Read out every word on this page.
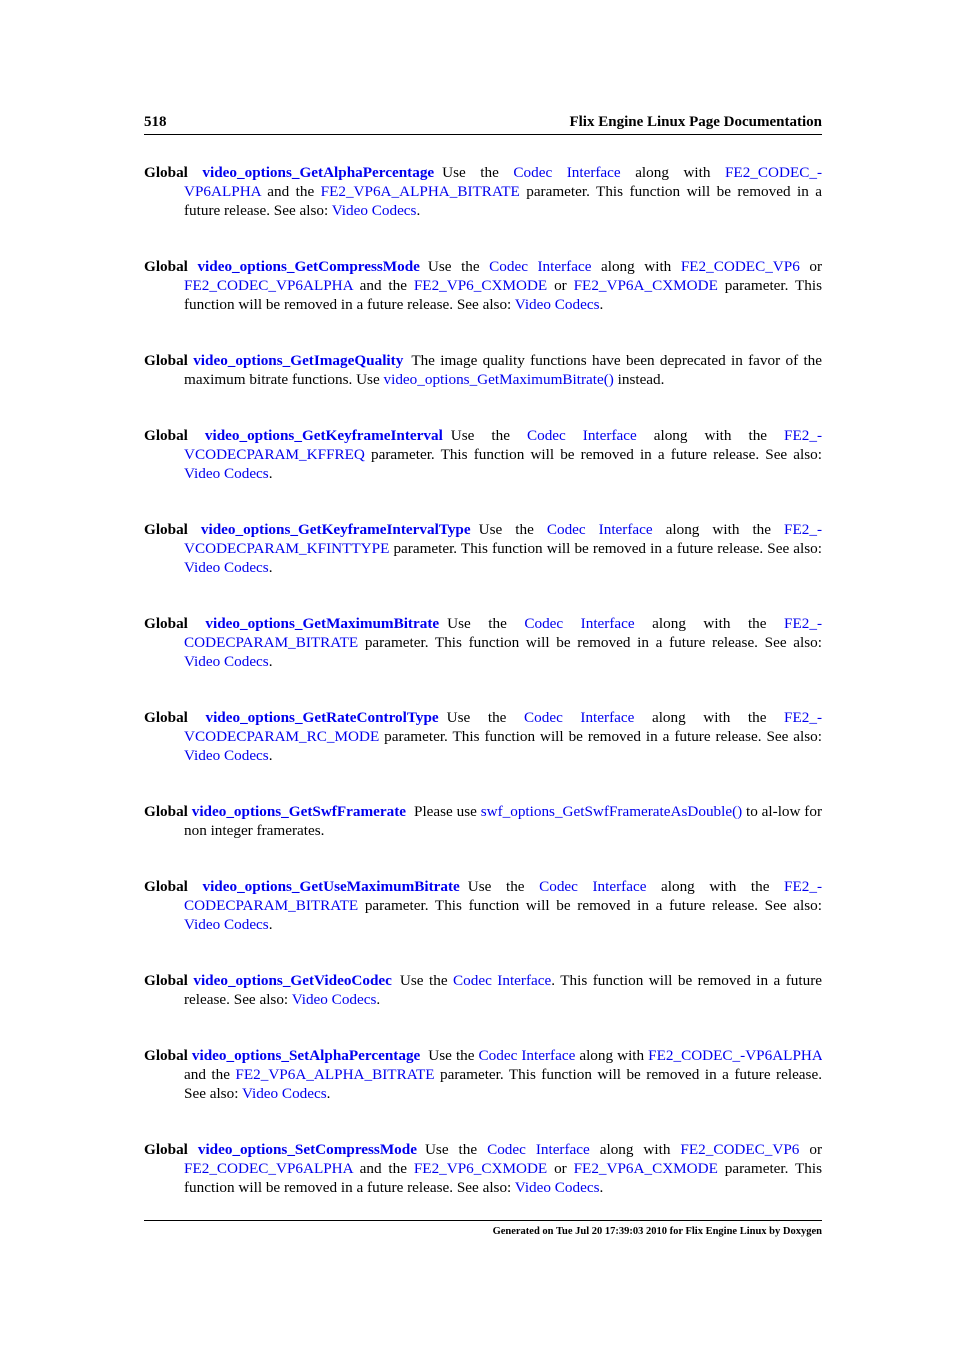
518	Flix Engine Linux Page Documentation

Global video_options_GetAlphaPercentage Use the Codec Interface along with FE2_CODEC_-VP6ALPHA and the FE2_VP6A_ALPHA_BITRATE parameter. This function will be removed in a future release. See also: Video Codecs.

Global video_options_GetCompressMode Use the Codec Interface along with FE2_CODEC_VP6 or FE2_CODEC_VP6ALPHA and the FE2_VP6_CXMODE or FE2_VP6A_CXMODE parameter. This function will be removed in a future release. See also: Video Codecs.

Global video_options_GetImageQuality The image quality functions have been deprecated in favor of the maximum bitrate functions. Use video_options_GetMaximumBitrate() instead.

Global video_options_GetKeyframeInterval Use the Codec Interface along with the FE2_-VCODECPARAM_KFFREQ parameter. This function will be removed in a future release. See also: Video Codecs.

Global video_options_GetKeyframeIntervalType Use the Codec Interface along with the FE2_-VCODECPARAM_KFINTTYPE parameter. This function will be removed in a future release. See also: Video Codecs.

Global video_options_GetMaximumBitrate Use the Codec Interface along with the FE2_-CODECPARAM_BITRATE parameter. This function will be removed in a future release. See also: Video Codecs.

Global video_options_GetRateControlType Use the Codec Interface along with the FE2_-VCODECPARAM_RC_MODE parameter. This function will be removed in a future release. See also: Video Codecs.

Global video_options_GetSwfFramerate Please use swf_options_GetSwfFramerateAsDouble() to al-low for non integer framerates.

Global video_options_GetUseMaximumBitrate Use the Codec Interface along with the FE2_-CODECPARAM_BITRATE parameter. This function will be removed in a future release. See also: Video Codecs.

Global video_options_GetVideoCodec Use the Codec Interface. This function will be removed in a future release. See also: Video Codecs.

Global video_options_SetAlphaPercentage Use the Codec Interface along with FE2_CODEC_-VP6ALPHA and the FE2_VP6A_ALPHA_BITRATE parameter. This function will be removed in a future release. See also: Video Codecs.

Global video_options_SetCompressMode Use the Codec Interface along with FE2_CODEC_VP6 or FE2_CODEC_VP6ALPHA and the FE2_VP6_CXMODE or FE2_VP6A_CXMODE parameter. This function will be removed in a future release. See also: Video Codecs.

Generated on Tue Jul 20 17:39:03 2010 for Flix Engine Linux by Doxygen
